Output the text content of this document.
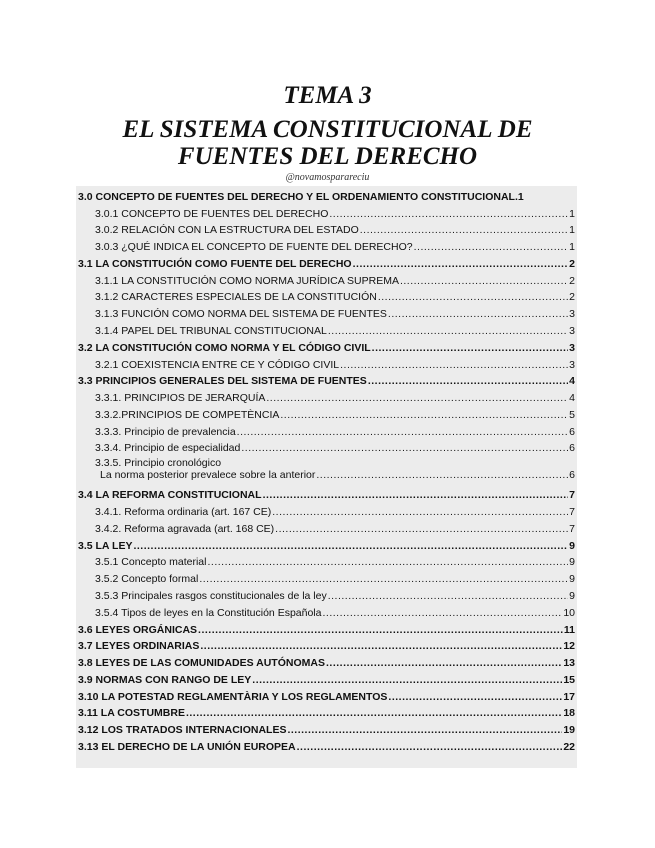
TEMA 3
EL SISTEMA CONSTITUCIONAL DE
FUENTES DEL DERECHO
@novamosparareciu
3.0 CONCEPTO DE FUENTES DEL DERECHO Y EL ORDENAMIENTO CONSTITUCIONAL. 1
3.0.1 CONCEPTO DE FUENTES DEL DERECHO .....	1
3.0.2 RELACIÓN CON LA ESTRUCTURA DEL ESTADO .....	1
3.0.3 ¿QUÉ INDICA EL CONCEPTO DE FUENTE DEL DERECHO? .....	1
3.1 LA CONSTITUCIÓN COMO FUENTE DEL DERECHO .....	2
3.1.1 LA CONSTITUCIÓN COMO NORMA JURÍDICA SUPREMA .....	2
3.1.2 CARACTERES ESPECIALES DE LA CONSTITUCIÓN .....	2
3.1.3 FUNCIÓN COMO NORMA DEL SISTEMA DE FUENTES .....	3
3.1.4 PAPEL DEL TRIBUNAL CONSTITUCIONAL .....	3
3.2 LA CONSTITUCIÓN COMO NORMA Y EL CÓDIGO CIVIL .....	3
3.2.1 COEXISTENCIA ENTRE CE Y CÓDIGO CIVIL .....	3
3.3 PRINCIPIOS GENERALES DEL SISTEMA DE FUENTES .....	4
3.3.1. PRINCIPIOS DE JERARQUÍA .....	4
3.3.2.PRINCIPIOS DE COMPETÈNCIA .....	5
3.3.3. Principio de prevalencia .....	6
3.3.4. Principio de especialidad .....	6
3.3.5. Principio cronológico
La norma posterior prevalece sobre la anterior .....	6
3.4 LA REFORMA CONSTITUCIONAL .....	7
3.4.1. Reforma ordinaria (art. 167 CE) .....	7
3.4.2. Reforma agravada (art. 168 CE) .....	7
3.5 LA LEY .....	9
3.5.1 Concepto material .....	9
3.5.2 Concepto formal .....	9
3.5.3 Principales rasgos constitucionales de la ley .....	9
3.5.4 Tipos de leyes en la Constitución Española .....	10
3.6 LEYES ORGÁNICAS .....	11
3.7 LEYES ORDINARIAS .....	12
3.8 LEYES DE LAS COMUNIDADES AUTÓNOMAS .....	13
3.9 NORMAS CON RANGO DE LEY .....	15
3.10 LA POTESTAD REGLAMENTÀRIA Y LOS REGLAMENTOS .....	17
3.11 LA COSTUMBRE .....	18
3.12 LOS TRATADOS INTERNACIONALES .....	19
3.13 EL DERECHO DE LA UNIÓN EUROPEA .....	22
